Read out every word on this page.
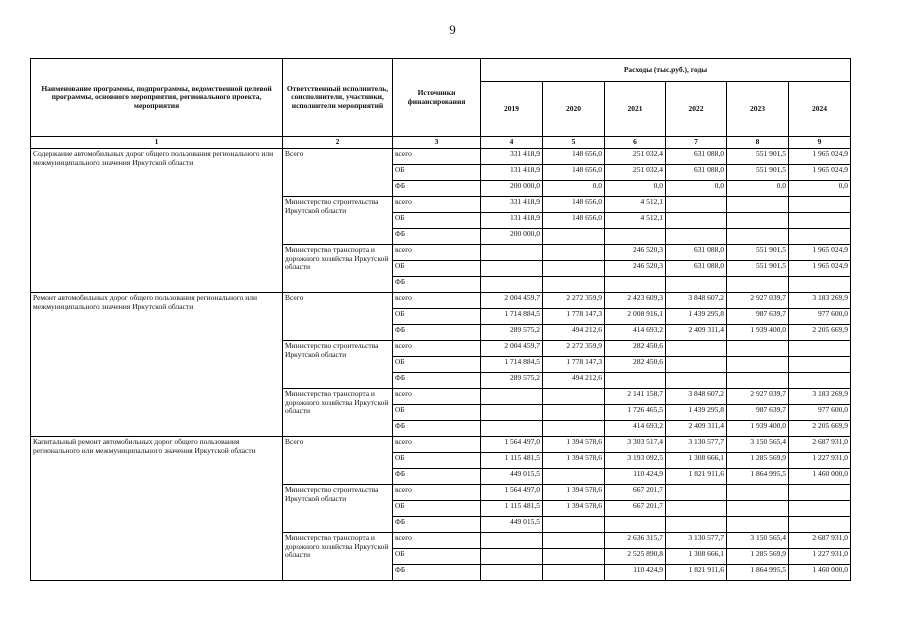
9
Наименование программы, подпрограммы, ведомственной целевой программы, основного мероприятия, регионального проекта, мероприятия	Ответственный исполнитель, соисполнители, участники, исполнители мероприятий	Источники финансирования	Расходы (тыс.руб.), годы					
			2019	2020	2021	2022	2023	2024
1	2	3	4	5	6	7	8	9
Содержание автомобильных дорог общего пользования регионального или межмуниципального значения Иркутской области	Всего	всего	331 418,9	148 656,0	251 032,4	631 088,0	551 901,5	1 965 024,9
		ОБ	131 418,9	148 656,0	251 032,4	631 088,0	551 901,5	1 965 024,9
		ФБ	200 000,0	0,0	0,0	0,0	0,0	0,0
	Министерство строительства Иркутской области	всего	331 418,9	148 656,0	4 512,1			
		ОБ	131 418,9	148 656,0	4 512,1			
		ФБ	200 000,0					
	Министерство транспорта и дорожного хозяйства Иркутской области	всего			246 520,3	631 088,0	551 901,5	1 965 024,9
		ОБ			246 520,3	631 088,0	551 901,5	1 965 024,9
		ФБ						
Ремонт автомобильных дорог общего пользования регионального или межмуниципального значения Иркутской области	Всего	всего	2 004 459,7	2 272 359,9	2 423 609,3	3 848 607,2	2 927 039,7	3 183 269,9
		ОБ	1 714 884,5	1 778 147,3	2 008 916,1	1 439 295,8	987 639,7	977 600,0
		ФБ	289 575,2	494 212,6	414 693,2	2 409 311,4	1 939 400,0	2 205 669,9
	Министерство строительства Иркутской области	всего	2 004 459,7	2 272 359,9	282 450,6			
		ОБ	1 714 884,5	1 778 147,3	282 450,6			
		ФБ	289 575,2	494 212,6				
	Министерство транспорта и дорожного хозяйства Иркутской области	всего			2 141 158,7	3 848 607,2	2 927 039,7	3 183 269,9
		ОБ			1 726 465,5	1 439 295,8	987 639,7	977 600,0
		ФБ			414 693,2	2 409 311,4	1 939 400,0	2 205 669,9
Капитальный ремонт автомобильных дорог общего пользования регионального или межмуниципального значения Иркутской области	Всего	всего	1 564 497,0	1 394 578,6	3 303 517,4	3 130 577,7	3 150 565,4	2 687 931,0
		ОБ	1 115 481,5	1 394 578,6	3 193 092,5	1 308 666,1	1 285 569,9	1 227 931,0
		ФБ	449 015,5		110 424,9	1 821 911,6	1 864 995,5	1 460 000,0
	Министерство строительства Иркутской области	всего	1 564 497,0	1 394 578,6	667 201,7			
		ОБ	1 115 481,5	1 394 578,6	667 201,7			
		ФБ	449 015,5					
	Министерство транспорта и дорожного хозяйства Иркутской области	всего			2 636 315,7	3 130 577,7	3 150 565,4	2 687 931,0
		ОБ			2 525 890,8	1 308 666,1	1 285 569,9	1 227 931,0
		ФБ			110 424,9	1 821 911,6	1 864 995,5	1 460 000,0
